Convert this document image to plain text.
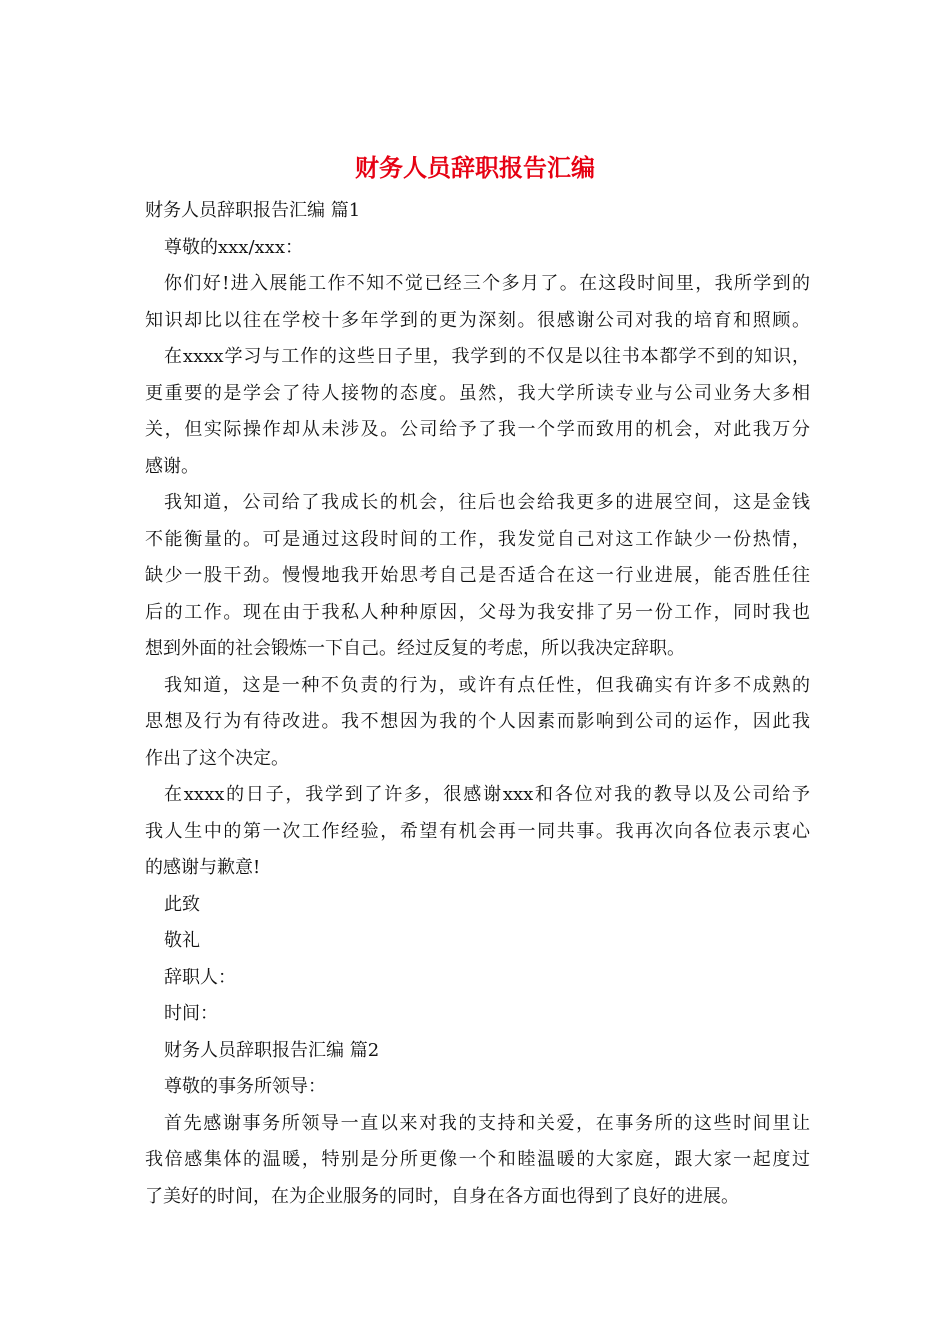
财务人员辞职报告汇编
财务人员辞职报告汇编 篇1
尊敬的xxx/xxx：
你们好!进入展能工作不知不觉已经三个多月了。在这段时间里，我所学到的
知识却比以往在学校十多年学到的更为深刻。很感谢公司对我的培育和照顾。
在xxxx学习与工作的这些日子里，我学到的不仅是以往书本都学不到的知识，
更重要的是学会了待人接物的态度。虽然，我大学所读专业与公司业务大多相
关，但实际操作却从未涉及。公司给予了我一个学而致用的机会，对此我万分
感谢。
我知道，公司给了我成长的机会，往后也会给我更多的进展空间，这是金钱
不能衡量的。可是通过这段时间的工作，我发觉自己对这工作缺少一份热情，
缺少一股干劲。慢慢地我开始思考自己是否适合在这一行业进展，能否胜任往
后的工作。现在由于我私人种种原因，父母为我安排了另一份工作，同时我也
想到外面的社会锻炼一下自己。经过反复的考虑，所以我决定辞职。
我知道，这是一种不负责的行为，或许有点任性，但我确实有许多不成熟的
思想及行为有待改进。我不想因为我的个人因素而影响到公司的运作，因此我
作出了这个决定。
在xxxx的日子，我学到了许多，很感谢xxx和各位对我的教导以及公司给予
我人生中的第一次工作经验，希望有机会再一同共事。我再次向各位表示衷心
的感谢与歉意!
此致
敬礼
辞职人：
时间：
财务人员辞职报告汇编 篇2
尊敬的事务所领导：
首先感谢事务所领导一直以来对我的支持和关爱，在事务所的这些时间里让
我倍感集体的温暖，特别是分所更像一个和睦温暖的大家庭，跟大家一起度过
了美好的时间，在为企业服务的同时，自身在各方面也得到了良好的进展。
